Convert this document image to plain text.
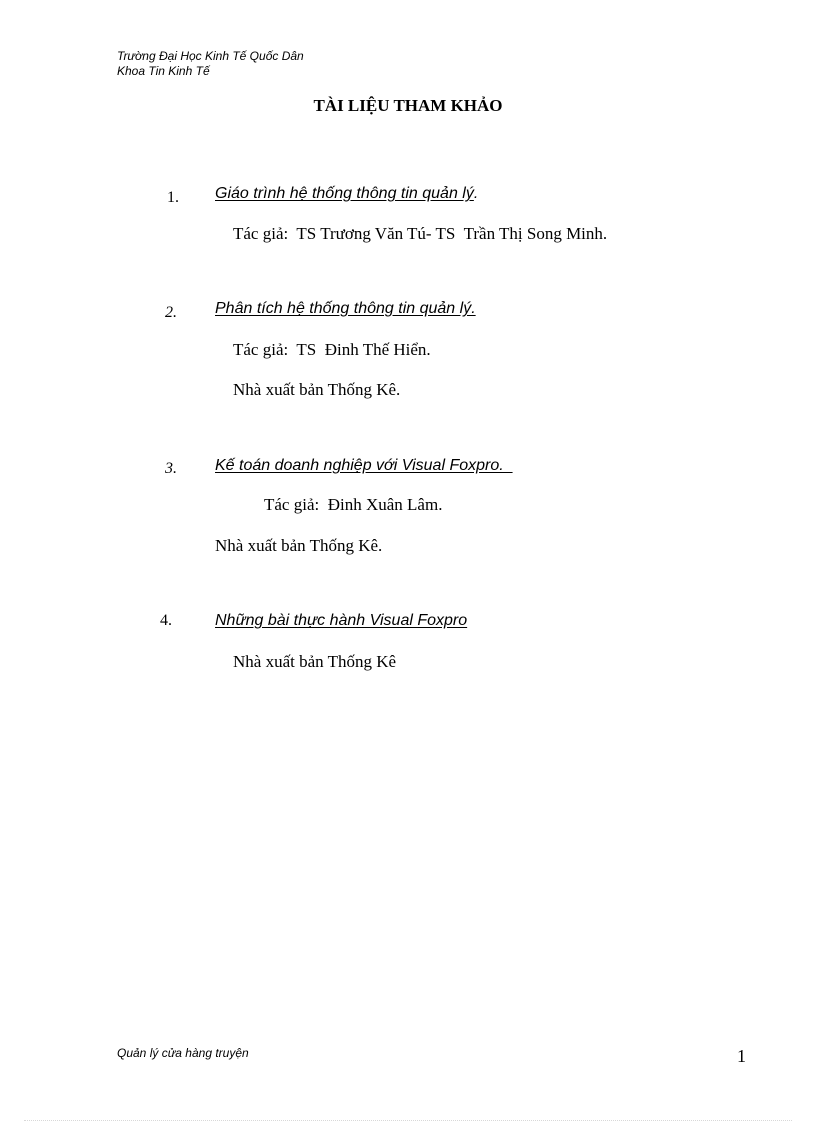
Trường Đại Học Kinh Tế Quốc Dân
Khoa Tin Kinh Tế
TÀI LIỆU THAM KHẢO
1. Giáo trình hệ thống thông tin quản lý.
Tác giả:  TS Trương Văn Tú- TS  Trần Thị Song Minh.
2. Phân tích hệ thống thông tin quản lý.
Tác giả:  TS  Đinh Thế Hiển.
Nhà xuất bản Thống Kê.
3. Kế toán doanh nghiệp với Visual Foxpro.
Tác giả:  Đinh Xuân Lâm.
Nhà xuất bản Thống Kê.
4.	Những bài thực hành Visual Foxpro
Nhà xuất bản Thống Kê
Quản lý cửa hàng truyện	1
